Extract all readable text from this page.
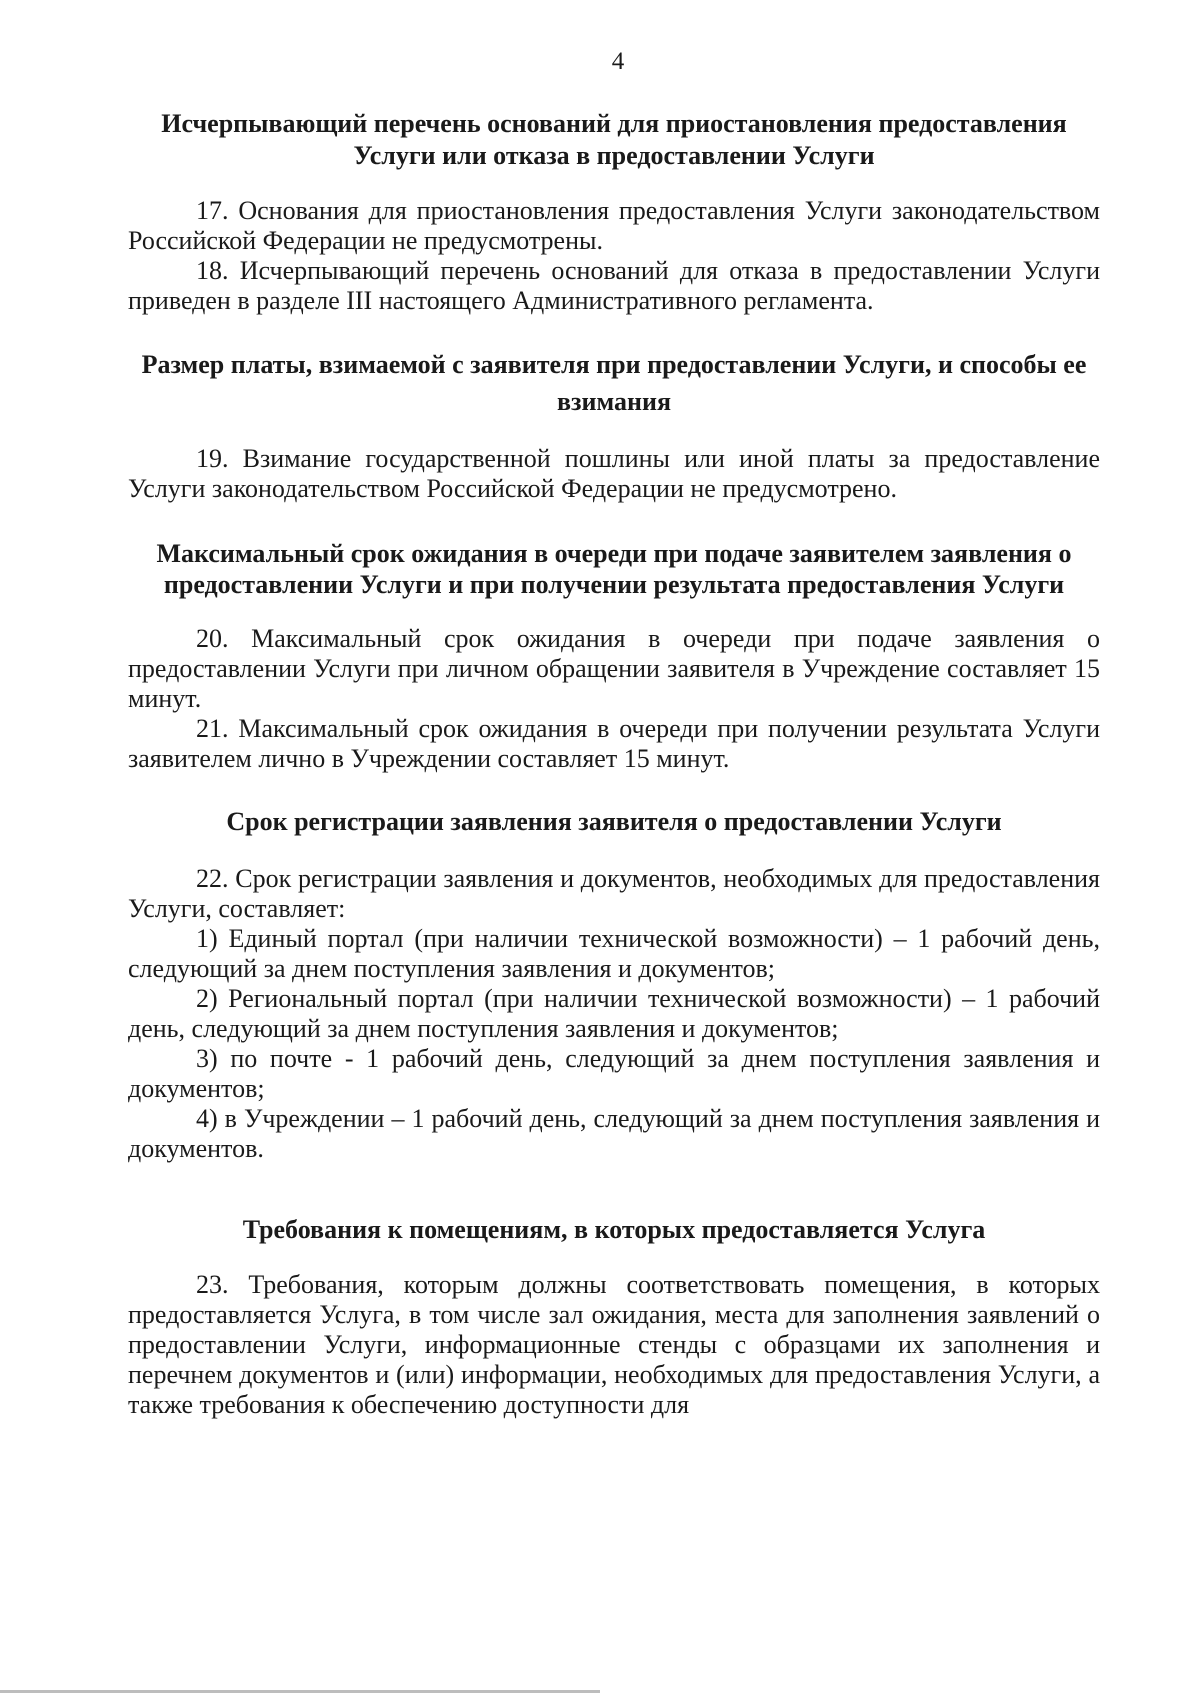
4
Исчерпывающий перечень оснований для приостановления предоставления Услуги или отказа в предоставлении Услуги

17. Основания для приостановления предоставления Услуги законодательством Российской Федерации не предусмотрены.

18. Исчерпывающий перечень оснований для отказа в предоставлении Услуги приведен в разделе III настоящего Административного регламента.

Размер платы, взимаемой с заявителя при предоставлении Услуги, и способы ее взимания

19. Взимание государственной пошлины или иной платы за предоставление Услуги законодательством Российской Федерации не предусмотрено.

Максимальный срок ожидания в очереди при подаче заявителем заявления о предоставлении Услуги и при получении результата предоставления Услуги

20. Максимальный срок ожидания в очереди при подаче заявления о предоставлении Услуги при личном обращении заявителя в Учреждение составляет 15 минут.

21. Максимальный срок ожидания в очереди при получении результата Услуги заявителем лично в Учреждении составляет 15 минут.

Срок регистрации заявления заявителя о предоставлении Услуги

22. Срок регистрации заявления и документов, необходимых для предоставления Услуги, составляет:

1) Единый портал (при наличии технической возможности) – 1 рабочий день, следующий за днем поступления заявления и документов;

2) Региональный портал (при наличии технической возможности) – 1 рабочий день, следующий за днем поступления заявления и документов;

3) по почте - 1 рабочий день, следующий за днем поступления заявления и документов;

4) в Учреждении – 1 рабочий день, следующий за днем поступления заявления и документов.

Требования к помещениям, в которых предоставляется Услуга

23. Требования, которым должны соответствовать помещения, в которых предоставляется Услуга, в том числе зал ожидания, места для заполнения заявлений о предоставлении Услуги, информационные стенды с образцами их заполнения и перечнем документов и (или) информации, необходимых для предоставления Услуги, а также требования к обеспечению доступности для
